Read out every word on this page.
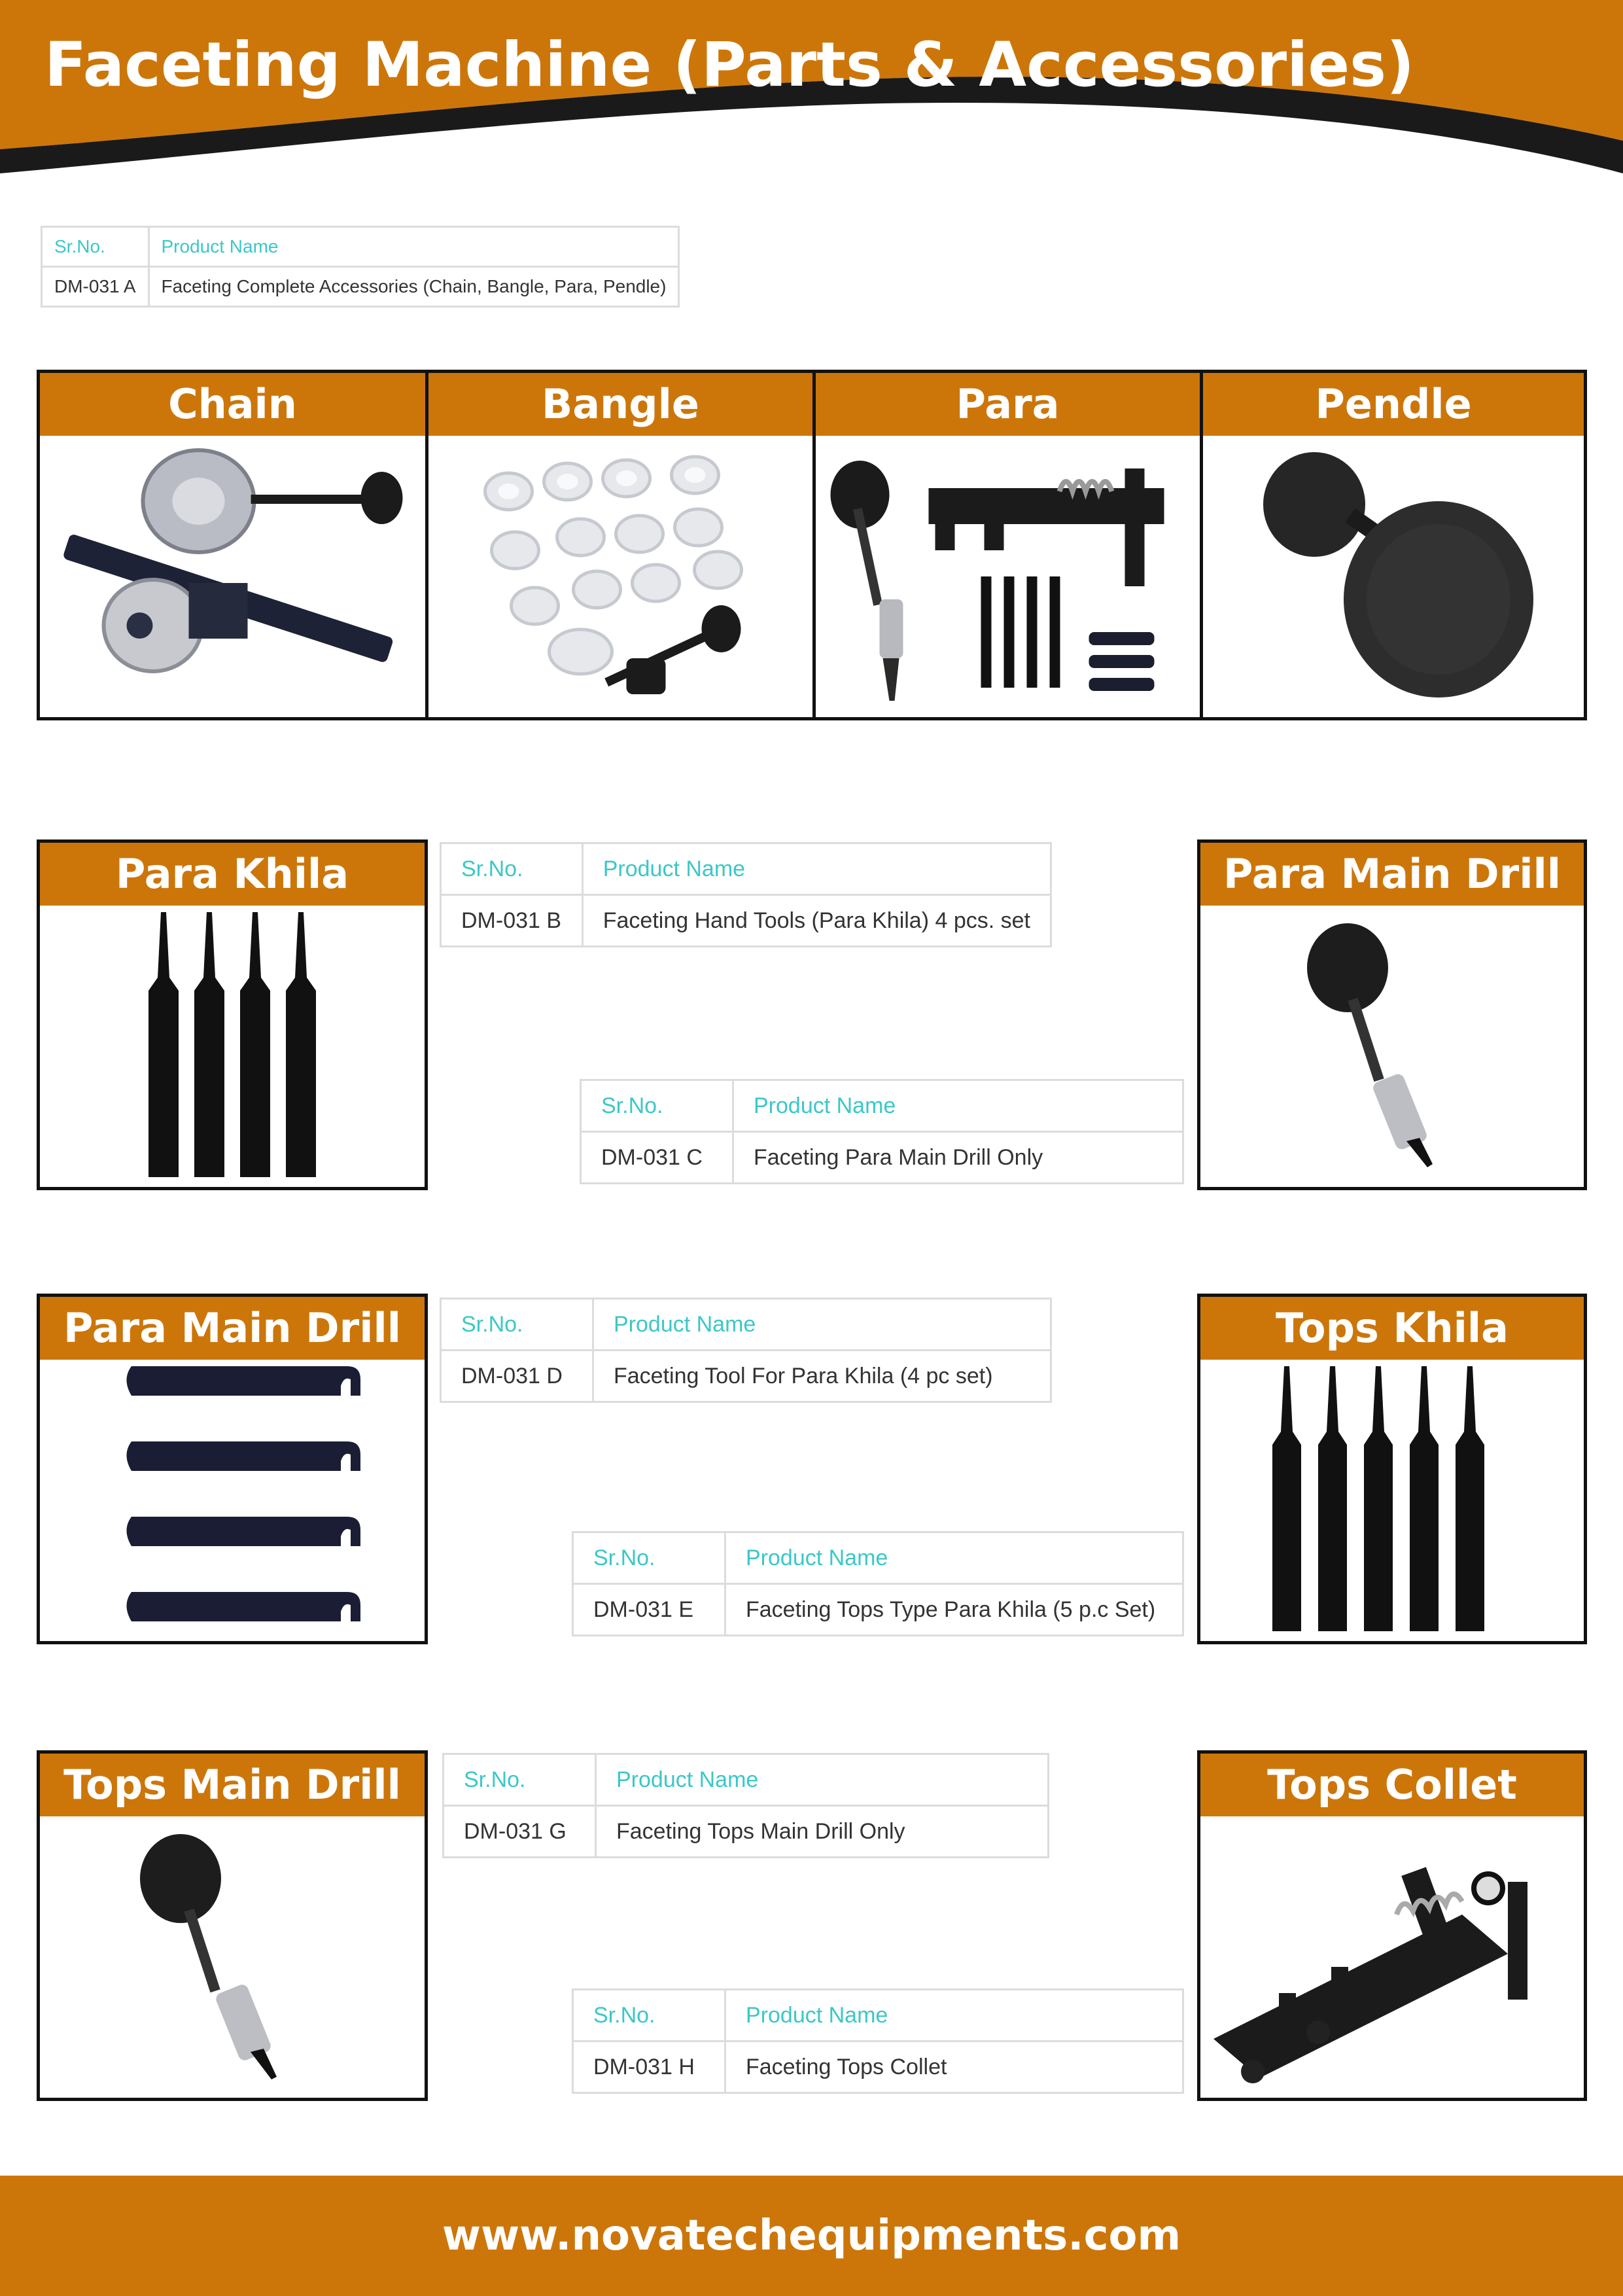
Faceting Machine (Parts & Accessories)
Sr.No.	Product Name
DM-031 A	Faceting Complete Accessories (Chain, Bangle, Para, Pendle)
Chain	Bangle	Para	Pendle
Para Khila	Sr.No.	Product Name
DM-031 B	Faceting Hand Tools (Para Khila) 4 pcs. set
Sr.No.	Product Name
DM-031 C	Faceting Para Main Drill Only
Para Main Drill
Para Main Drill	Sr.No.	Product Name
DM-031 D	Faceting Tool For Para Khila (4 pc set)
Sr.No.	Product Name
DM-031 E	Faceting Tops Type Para Khila (5 p.c Set)
Tops Khila
Tops Main Drill	Sr.No.	Product Name
DM-031 G	Faceting Tops Main Drill Only
Sr.No.	Product Name
DM-031 H	Faceting Tops Collet
Tops Collet
www.novatechequipments.com
